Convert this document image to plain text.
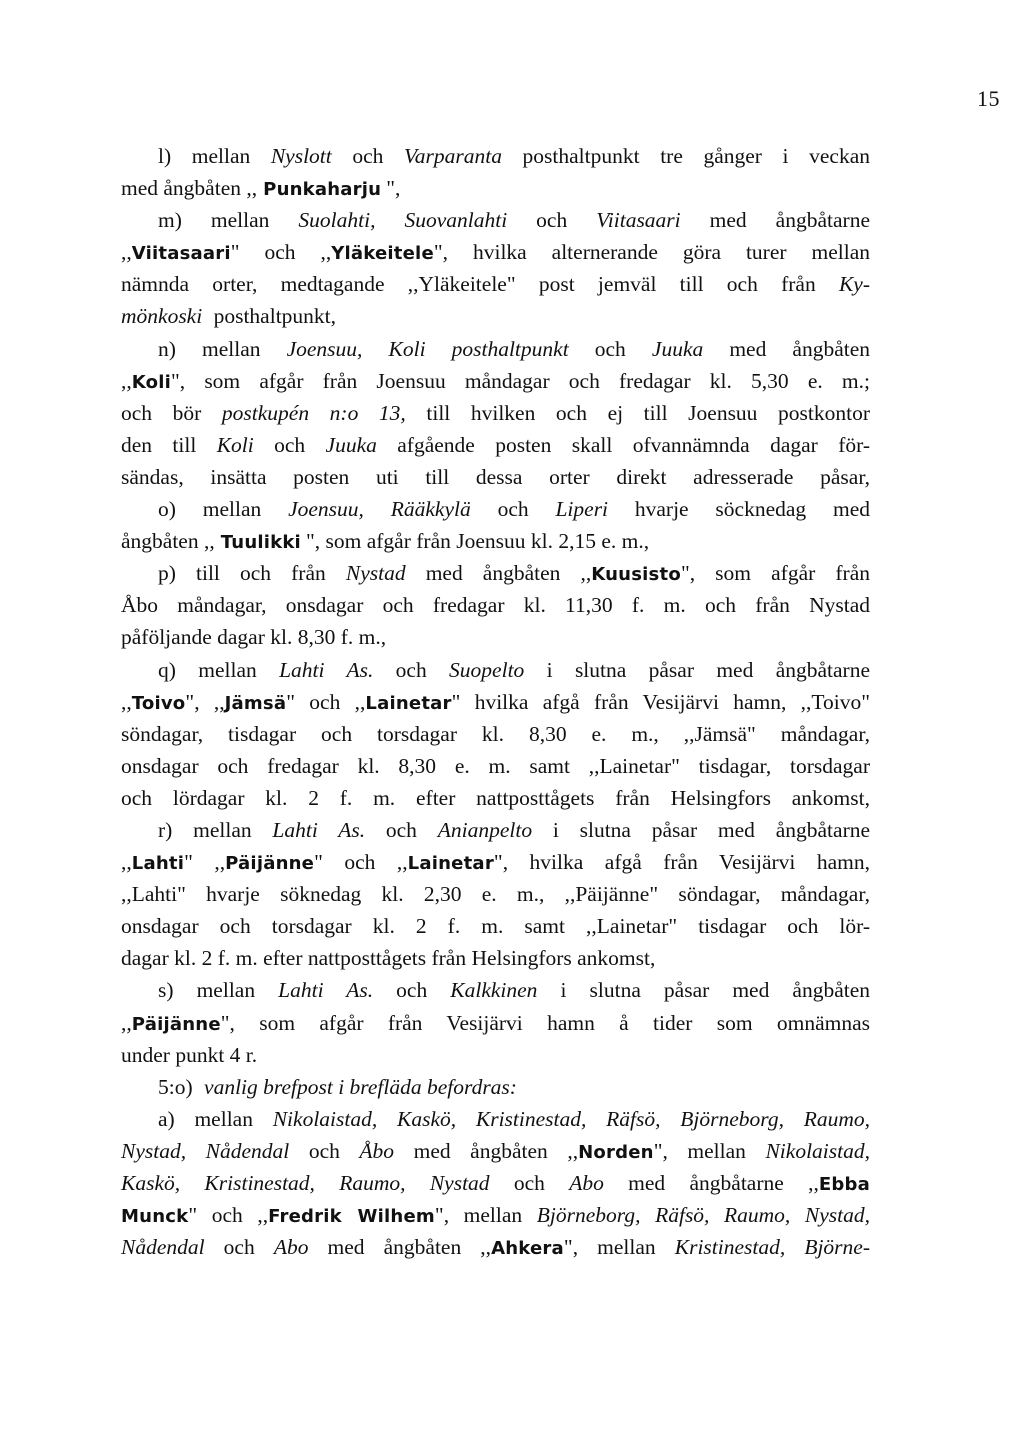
15
l) mellan Nyslott och Varparanta posthaltpunkt tre gånger i veckan
med ångbåten ,, Punkaharju ",
m) mellan Suolahti, Suovanlahti och Viitasaari med ångbåtarne
,,Viitasaari" och ,,Yläkeitele", hvilka alternerande göra turer mellan
nämnda orter, medtagande ,,Yläkeitele" post jemväl till och från Ky-
mönkoski posthaltpunkt,
n) mellan Joensuu, Koli posthaltpunkt och Juuka med ångbåten
,,Koli", som afgår från Joensuu måndagar och fredagar kl. 5,30 e. m.;
och bör postkupén n:o 13, till hvilken och ej till Joensuu postkontor
den till Koli och Juuka afgående posten skall ofvannämnda dagar för-
sändas, insätta posten uti till dessa orter direkt adresserade påsar,
o) mellan Joensuu, Rääkkylä och Liperi hvarje söcknedag med
ångbåten ,, Tuulikki ", som afgår från Joensuu kl. 2,15 e. m.,
p) till och från Nystad med ångbåten ,,Kuusisto", som afgår från
Åbo måndagar, onsdagar och fredagar kl. 11,30 f. m. och från Nystad
påföljande dagar kl. 8,30 f. m.,
q) mellan Lahti As. och Suopelto i slutna påsar med ångbåtarne
,,Toivo", ,,Jämsä" och ,,Lainetar" hvilka afgå från Vesijärvi hamn, ,,Toivo"
söndagar, tisdagar och torsdagar kl. 8,30 e. m., ,,Jämsä" måndagar,
onsdagar och fredagar kl. 8,30 e. m. samt ,,Lainetar" tisdagar, torsdagar
och lördagar kl. 2 f. m. efter nattposttågets från Helsingfors ankomst,
r) mellan Lahti As. och Anianpelto i slutna påsar med ångbåtarne
,,Lahti" ,,Päijänne" och ,,Lainetar", hvilka afgå från Vesijärvi hamn,
,,Lahti" hvarje söknedag kl. 2,30 e. m., ,,Päijänne" söndagar, måndagar,
onsdagar och torsdagar kl. 2 f. m. samt ,,Lainetar" tisdagar och lör-
dagar kl. 2 f. m. efter nattposttågets från Helsingfors ankomst,
s) mellan Lahti As. och Kalkkinen i slutna påsar med ångbåten
,,Päijänne", som afgår från Vesijärvi hamn å tider som omnämnas
under punkt 4 r.
5:o) vanlig brefpost i brefläda befordras:
a) mellan Nikolaistad, Kaskö, Kristinestad, Räfsö, Björneborg, Raumo,
Nystad, Nådendal och Åbo med ångbåten ,,Norden", mellan Nikolaistad,
Kaskö, Kristinestad, Raumo, Nystad och Abo med ångbåtarne ,,Ebba
Munck" och ,,Fredrik Wilhem", mellan Björneborg, Räfsö, Raumo, Nystad,
Nådendal och Abo med ångbåten ,,Ahkera", mellan Kristinestad, Björne-
